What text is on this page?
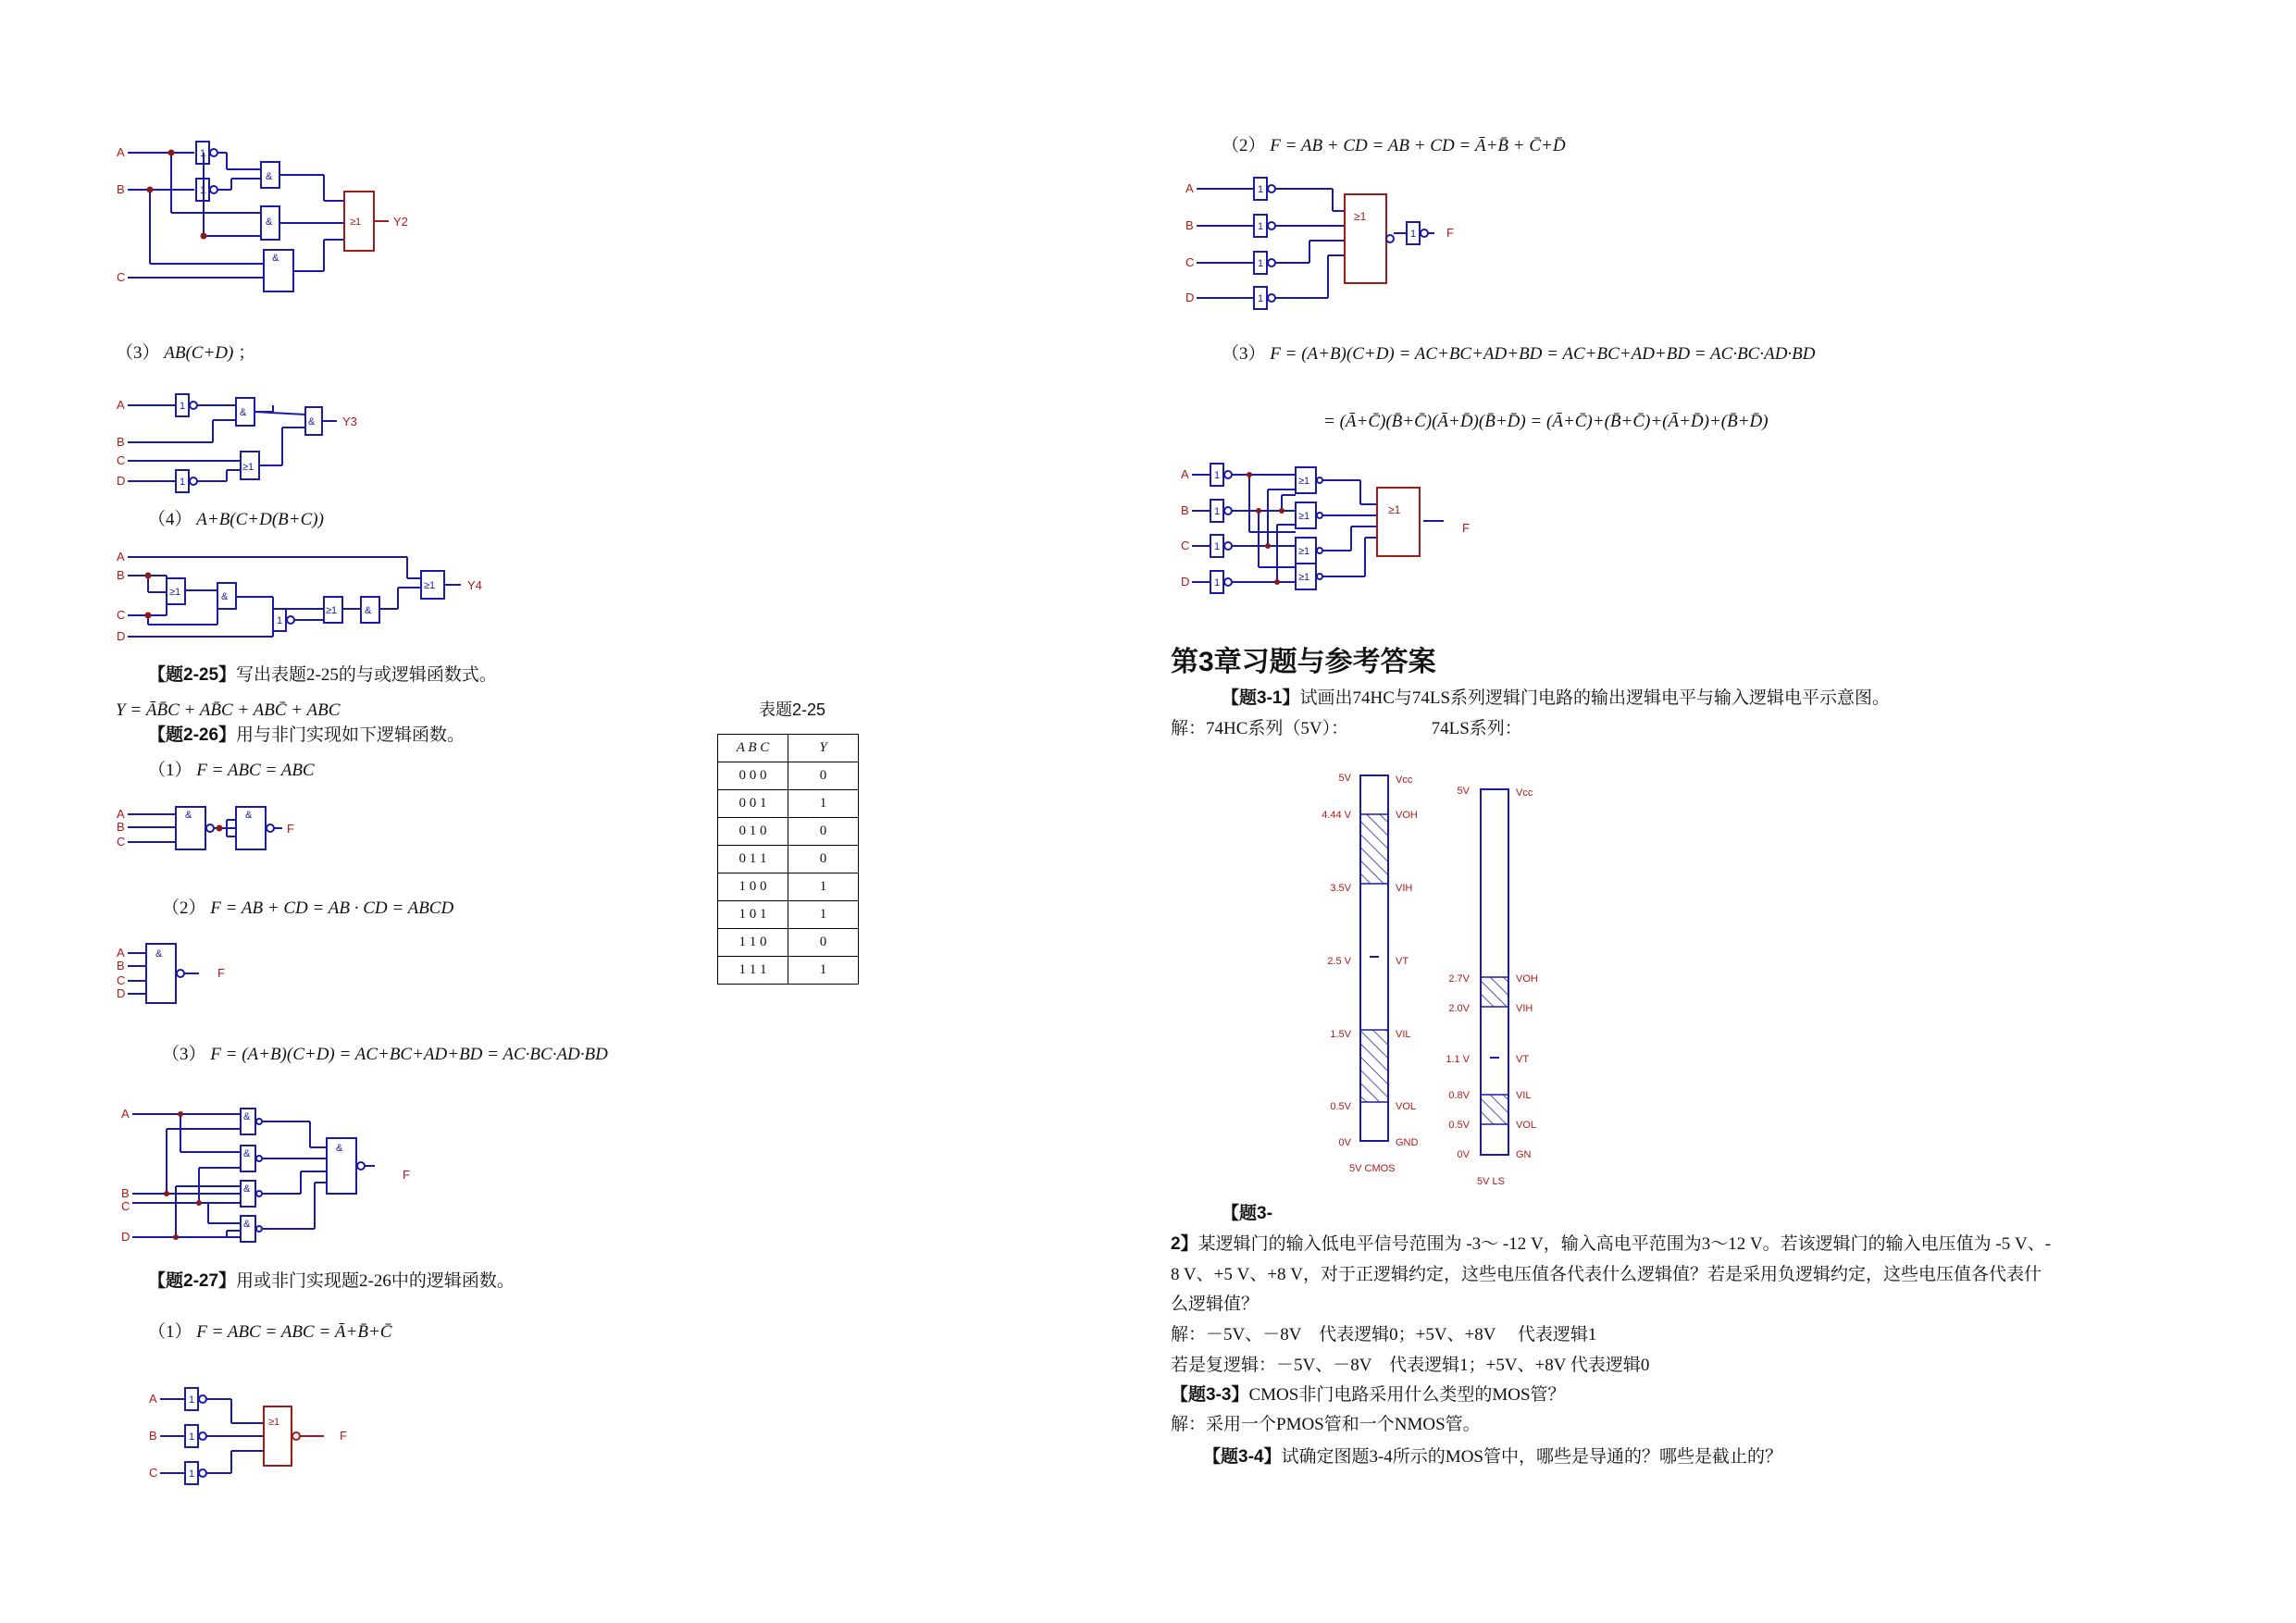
A
B
C
Y2
1
1
&
&
&
≥1
（3） AB(C+D) ；
A
B
C
D
Y3
1
1
&
≥1
&
（4） A+B(C+D(B+C))
A
B
C
D
Y4
≥1	&
≥1
1
&
≥1
【题2-25】写出表题2-25的与或逻辑函数式。
Y = ĀB̄C + AB̄C + ABC̄ + ABC	表题2-25
A B C	Y
0 0 0	0
0 0 1	1
0 1 0	0
0 1 1	0
1 0 0	1
1 0 1	1
1 1 0	0
1 1 1	1
【题2-26】用与非门实现如下逻辑函数。
（1） F = ABC = ABC
A
B
C
F
&	&
（2） F = AB + CD = AB · CD = ABCD
A
B
C
D
F
&
（3） F = (A+B)(C+D) = AC+BC+AD+BD = AC·BC·AD·BD
A
B
C
D
F
&
&
&
&
&
【题2-27】用或非门实现题2-26中的逻辑函数。
（1） F = ABC = ABC = Ā+B̄+C̄
A
B
C
F
1
1
1
≥1
（2） F = AB + CD = AB + CD = Ā+B̄ + C̄+D̄
A
B
C
D
F
1
1
1
1
1
≥1
（3） F = (A+B)(C+D) = AC+BC+AD+BD = AC+BC+AD+BD = AC·BC·AD·BD
= (Ā+C̄)(B̄+C̄)(Ā+D̄)(B̄+D̄) = (Ā+C̄)+(B̄+C̄)+(Ā+D̄)+(B̄+D̄)
A
B
C
D
F
1
1
1
1
≥1
≥1
≥1
≥1
≥1
第3章习题与参考答案
【题3-1】试画出74HC与74LS系列逻辑门电路的输出逻辑电平与输入逻辑电平示意图。
解：74HC系列（5V）：	74LS系列：
5V
4.44 V
3.5V
2.5 V
1.5V
0.5V
0V
Vcc
VOH
VIH
VT
VIL
VOL
GND
5V CMOS
5V
2.7V
2.0V
1.1 V
0.8V
0.5V
0V
Vcc
VOH
VIH
VT
VIL
VOL
GN
5V LS
【题3-
2】某逻辑门的输入低电平信号范围为 -3～ -12 V，输入高电平范围为3～12 V。若该逻辑门的输入电压值为 -5 V、-
8 V、+5 V、+8 V，对于正逻辑约定，这些电压值各代表什么逻辑值？若是采用负逻辑约定，这些电压值各代表什
么逻辑值？
解：－5V、－8V　代表逻辑0；+5V、+8V　 代表逻辑1
若是复逻辑：－5V、－8V　代表逻辑1；+5V、+8V 代表逻辑0
【题3-3】CMOS非门电路采用什么类型的MOS管？
解：采用一个PMOS管和一个NMOS管。
【题3-4】试确定图题3-4所示的MOS管中，哪些是导通的？哪些是截止的？
